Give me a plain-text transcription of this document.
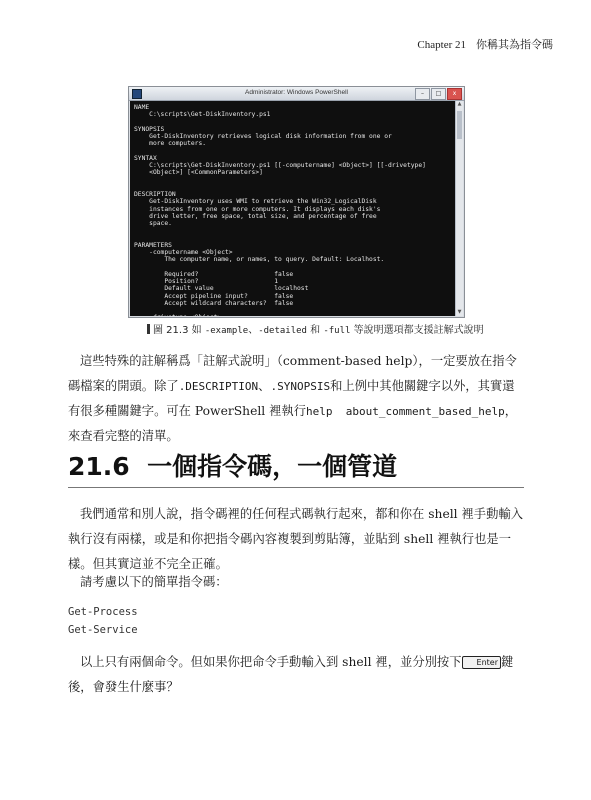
Chapter 21 你稱其為指令碼
Administrator: Windows PowerShell	–	□	x
NAME
C:\scripts\Get-DiskInventory.ps1

SYNOPSIS
Get-DiskInventory retrieves logical disk information from one or
more computers.

SYNTAX
C:\scripts\Get-DiskInventory.ps1 [[-computername] <Object>] [[-drivetype]
<Object>] [<CommonParameters>]

DESCRIPTION
Get-DiskInventory uses WMI to retrieve the Win32_LogicalDisk
instances from one or more computers. It displays each disk's
drive letter, free space, total size, and percentage of free
space.

PARAMETERS
-computername <Object>
The computer name, or names, to query. Default: Localhost.

Required?                    false
Position?                    1
Default value                localhost
Accept pipeline input?       false
Accept wildcard characters?  false

▲
▼
圖 21.3 如 -example、-detailed 和 -full 等說明選項都支援註解式說明

這些特殊的註解稱爲「註解式說明」（comment-based help），一定要放在指令碼檔案的開頭。除了.DESCRIPTION、.SYNOPSIS和上例中其他關鍵字以外，其實還有很多種關鍵字。可在 PowerShell 裡執行help  about_comment_based_help，來查看完整的清單。

21.6 一個指令碼，一個管道

我們通常和別人說，指令碼裡的任何程式碼執行起來，都和你在 shell 裡手動輸入執行沒有兩樣，或是和你把指令碼內容複製到剪貼簿，並貼到 shell 裡執行也是一樣。但其實這並不完全正確。

請考慮以下的簡單指令碼：

Get-Process
Get-Service

以上只有兩個命令。但如果你把命令手動輸入到 shell 裡，並分別按下 Enter 鍵後，會發生什麼事？
